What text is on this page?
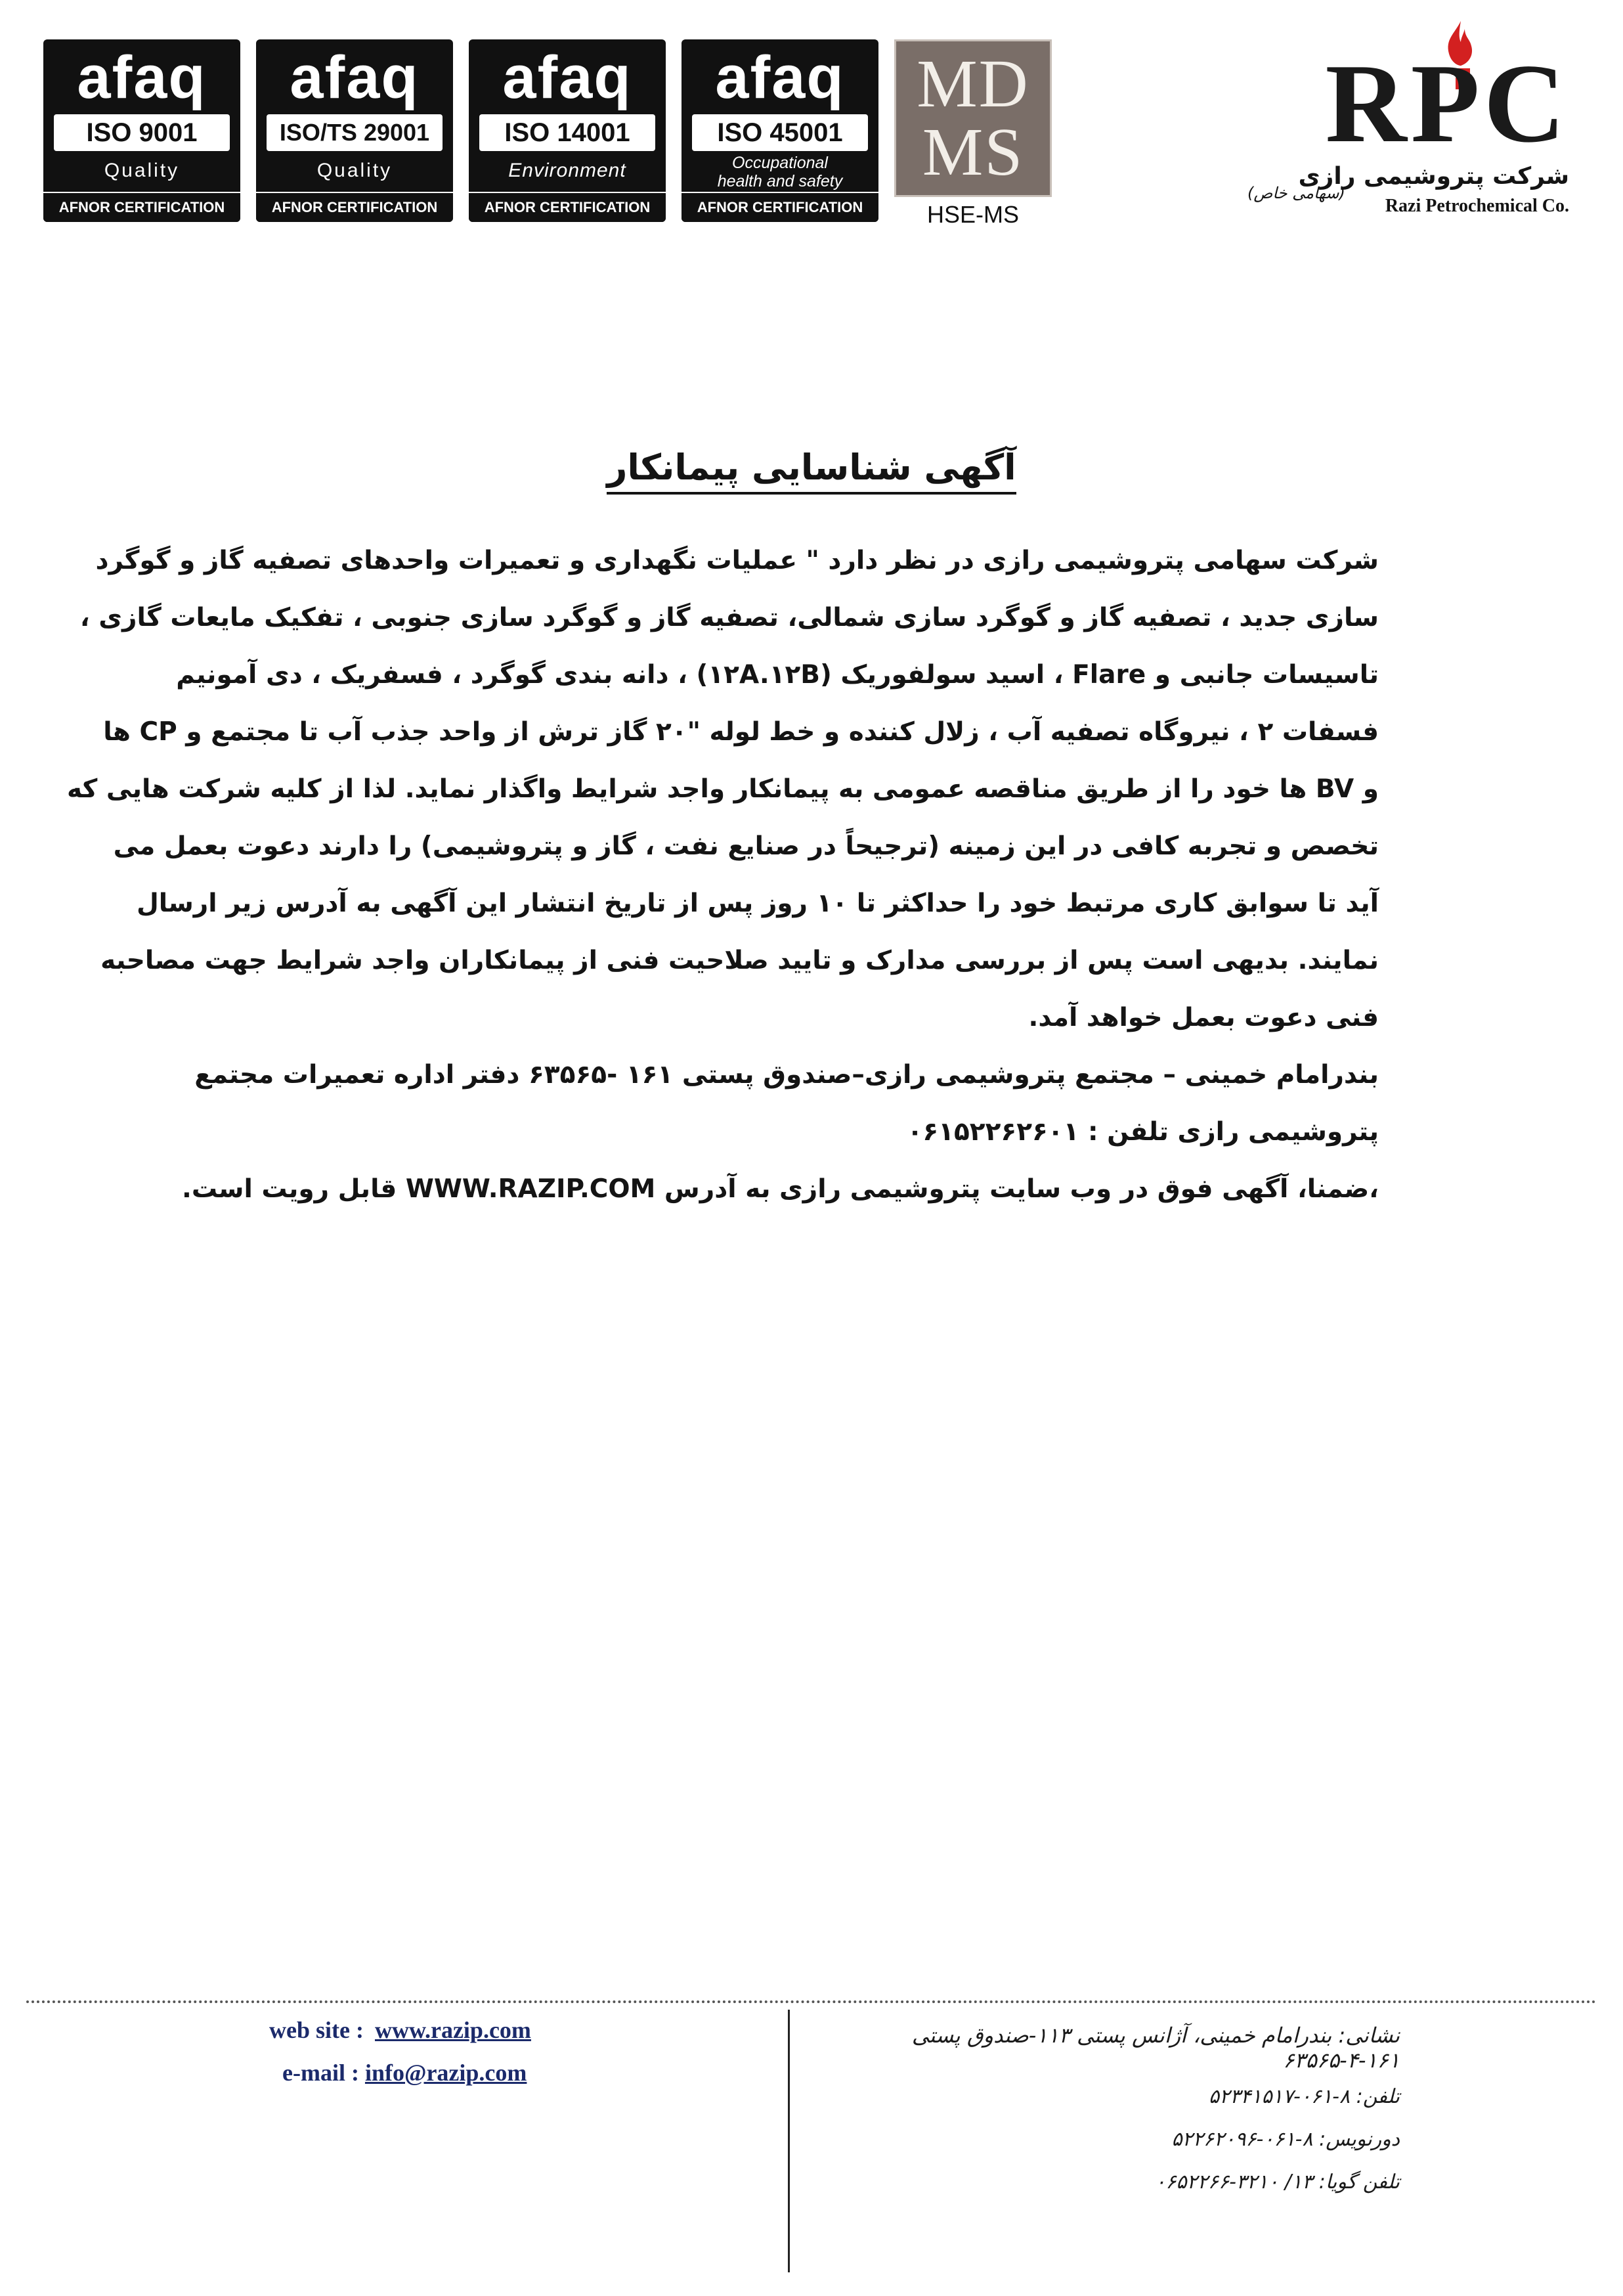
afaq
ISO 9001
Quality
AFNOR CERTIFICATION
afaq
ISO/TS 29001
Quality
AFNOR CERTIFICATION
afaq
ISO 14001
Environment
AFNOR CERTIFICATION
afaq
ISO 45001
Occupational
health and safety
AFNOR CERTIFICATION
MD
MS
HSE-MS
RPC
شرکت پتروشیمی رازی
(سهامی خاص)
Razi Petrochemical Co.
آگهی شناسایی پیمانکار
شرکت سهامی پتروشیمی رازی در نظر دارد " عملیات نگهداری و تعمیرات واحدهای تصفیه گاز و گوگرد
سازی جدید ، تصفیه گاز و گوگرد سازی شمالی، تصفیه گاز و گوگرد سازی جنوبی ، تفکیک مایعات گازی ،
تاسیسات جانبی و Flare ، اسید سولفوریک (۱۲A.۱۲B) ، دانه بندی گوگرد ، فسفریک ، دی آمونیم
فسفات ۲ ، نیروگاه تصفیه آب ، زلال کننده و خط لوله "۲۰ گاز ترش از واحد جذب آب تا مجتمع و CP ها
و BV ها خود را از طریق مناقصه عمومی به پیمانکار واجد شرایط واگذار نماید. لذا از کلیه شرکت هایی که
تخصص و تجربه کافی در این زمینه (ترجیحاً در صنایع نفت ، گاز و پتروشیمی) را دارند دعوت بعمل می
آید تا سوابق کاری مرتبط خود را حداکثر تا ۱۰ روز پس از تاریخ انتشار این آگهی به آدرس زیر ارسال
نمایند. بدیهی است پس از بررسی مدارک و تایید صلاحیت فنی از پیمانکاران واجد شرایط جهت مصاحبه
فنی دعوت بعمل خواهد آمد.
بندرامام خمینی – مجتمع پتروشیمی رازی–صندوق پستی ۱۶۱ -۶۳۵۶۵ دفتر اداره تعمیرات مجتمع
پتروشیمی رازی تلفن : ۰۶۱۵۲۲۶۲۶۰۱
،ضمنا، آگهی فوق در وب سایت پتروشیمی رازی به آدرس WWW.RAZIP.COM قابل رویت است.
web site : www.razip.com
e-mail : info@razip.com
نشانی: بندرامام خمینی، آژانس پستی ۱۱۳-صندوق پستی ۱۶۱-۴-۶۳۵۶۵
تلفن: ۸-۰۶۱-۵۲۳۴۱۵۱۷
دورنویس: ۸-۰۶۱-۵۲۲۶۲۰۹۶
تلفن گویا: ۱۳/ ۳۲۱۰-۰۶۵۲۲۶۶
